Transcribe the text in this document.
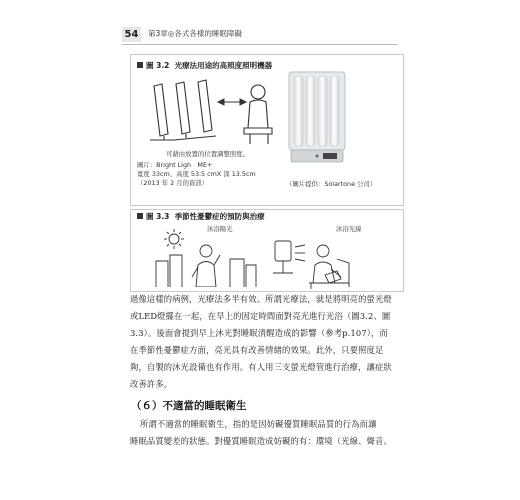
54	第3章◎各式各樣的睡眠障礙
圖 3.2 光療法用途的高照度照明機器
可藉由放置的位置調整照度。
圖片：Bright Ligh　ME+
寬度 33cm、高度 53.5 cmX 深 13.5cm
（2013 年 2 月的資訊）	（圖片提供：Solartone 公司）
圖 3.3 季節性憂鬱症的預防與治療
沐浴陽光	沐浴光線
過像這樣的病例，光療法多半有效。所謂光療法，就是將明亮的螢光燈
或LED燈擺在一起，在早上的固定時間面對亮光進行光浴（圖3.2、圖
3.3）。後面會提到早上沐光對睡眠清醒造成的影響（參考p.107），而
在季節性憂鬱症方面，亮光具有改善情緒的效果。此外，只要照度足
夠，自製的沐光設備也有作用。有人用三支螢光燈管進行治療，讓症狀
改善許多。
（６）不適當的睡眠衛生
所謂不適當的睡眠衛生，指的是因妨礙優質睡眠品質的行為而讓
睡眠品質變差的狀態。對優質睡眠造成妨礙的有：環境（光線、聲音、
